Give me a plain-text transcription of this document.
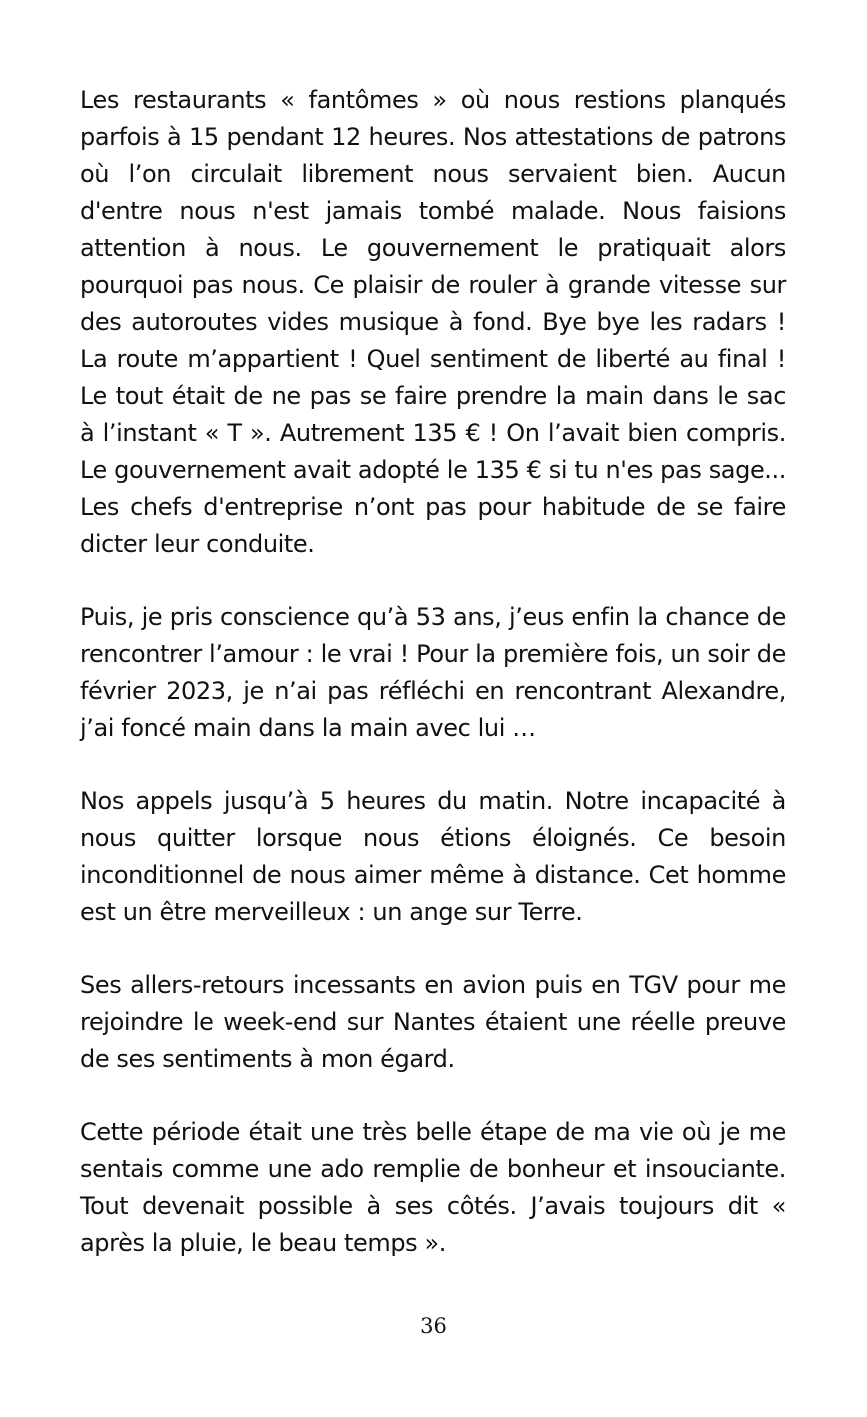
Les restaurants « fantômes » où nous restions planqués parfois à 15 pendant 12 heures. Nos attestations de patrons où l’on circulait librement nous servaient bien. Aucun d'entre nous n'est jamais tombé malade. Nous faisions attention à nous. Le gouvernement le pratiquait alors pourquoi pas nous. Ce plaisir de rouler à grande vitesse sur des autoroutes vides musique à fond. Bye bye les radars ! La route m’appartient ! Quel sentiment de liberté au final ! Le tout était de ne pas se faire prendre la main dans le sac à l’instant « T ». Autrement 135 € ! On l’avait bien compris. Le gouvernement avait adopté le 135 € si tu n'es pas sage... Les chefs d'entreprise n’ont pas pour habitude de se faire dicter leur conduite.

Puis, je pris conscience qu’à 53 ans, j’eus enfin la chance de rencontrer l’amour : le vrai ! Pour la première fois, un soir de février 2023, je n’ai pas réfléchi en rencontrant Alexandre, j’ai foncé main dans la main avec lui …

Nos appels jusqu’à 5 heures du matin. Notre incapacité à nous quitter lorsque nous étions éloignés. Ce besoin inconditionnel de nous aimer même à distance. Cet homme est un être merveilleux : un ange sur Terre.

Ses allers-retours incessants en avion puis en TGV pour me rejoindre le week-end sur Nantes étaient une réelle preuve de ses sentiments à mon égard.

Cette période était une très belle étape de ma vie où je me sentais comme une ado remplie de bonheur et insouciante. Tout devenait possible à ses côtés. J’avais toujours dit « après la pluie, le beau temps ».

36
